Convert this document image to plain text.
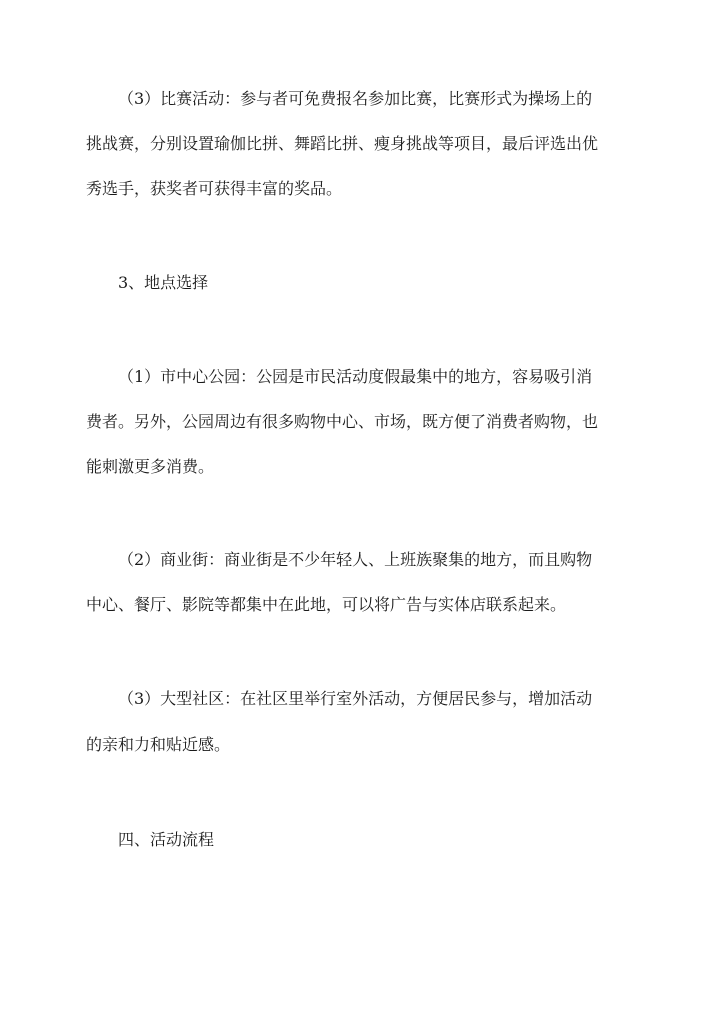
（3）比赛活动：参与者可免费报名参加比赛，比赛形式为操场上的

挑战赛，分别设置瑜伽比拼、舞蹈比拼、瘦身挑战等项目，最后评选出优

秀选手，获奖者可获得丰富的奖品。

3、地点选择

（1）市中心公园：公园是市民活动度假最集中的地方，容易吸引消

费者。另外，公园周边有很多购物中心、市场，既方便了消费者购物，也

能刺激更多消费。

（2）商业街：商业街是不少年轻人、上班族聚集的地方，而且购物

中心、餐厅、影院等都集中在此地，可以将广告与实体店联系起来。

（3）大型社区：在社区里举行室外活动，方便居民参与，增加活动

的亲和力和贴近感。

四、活动流程
